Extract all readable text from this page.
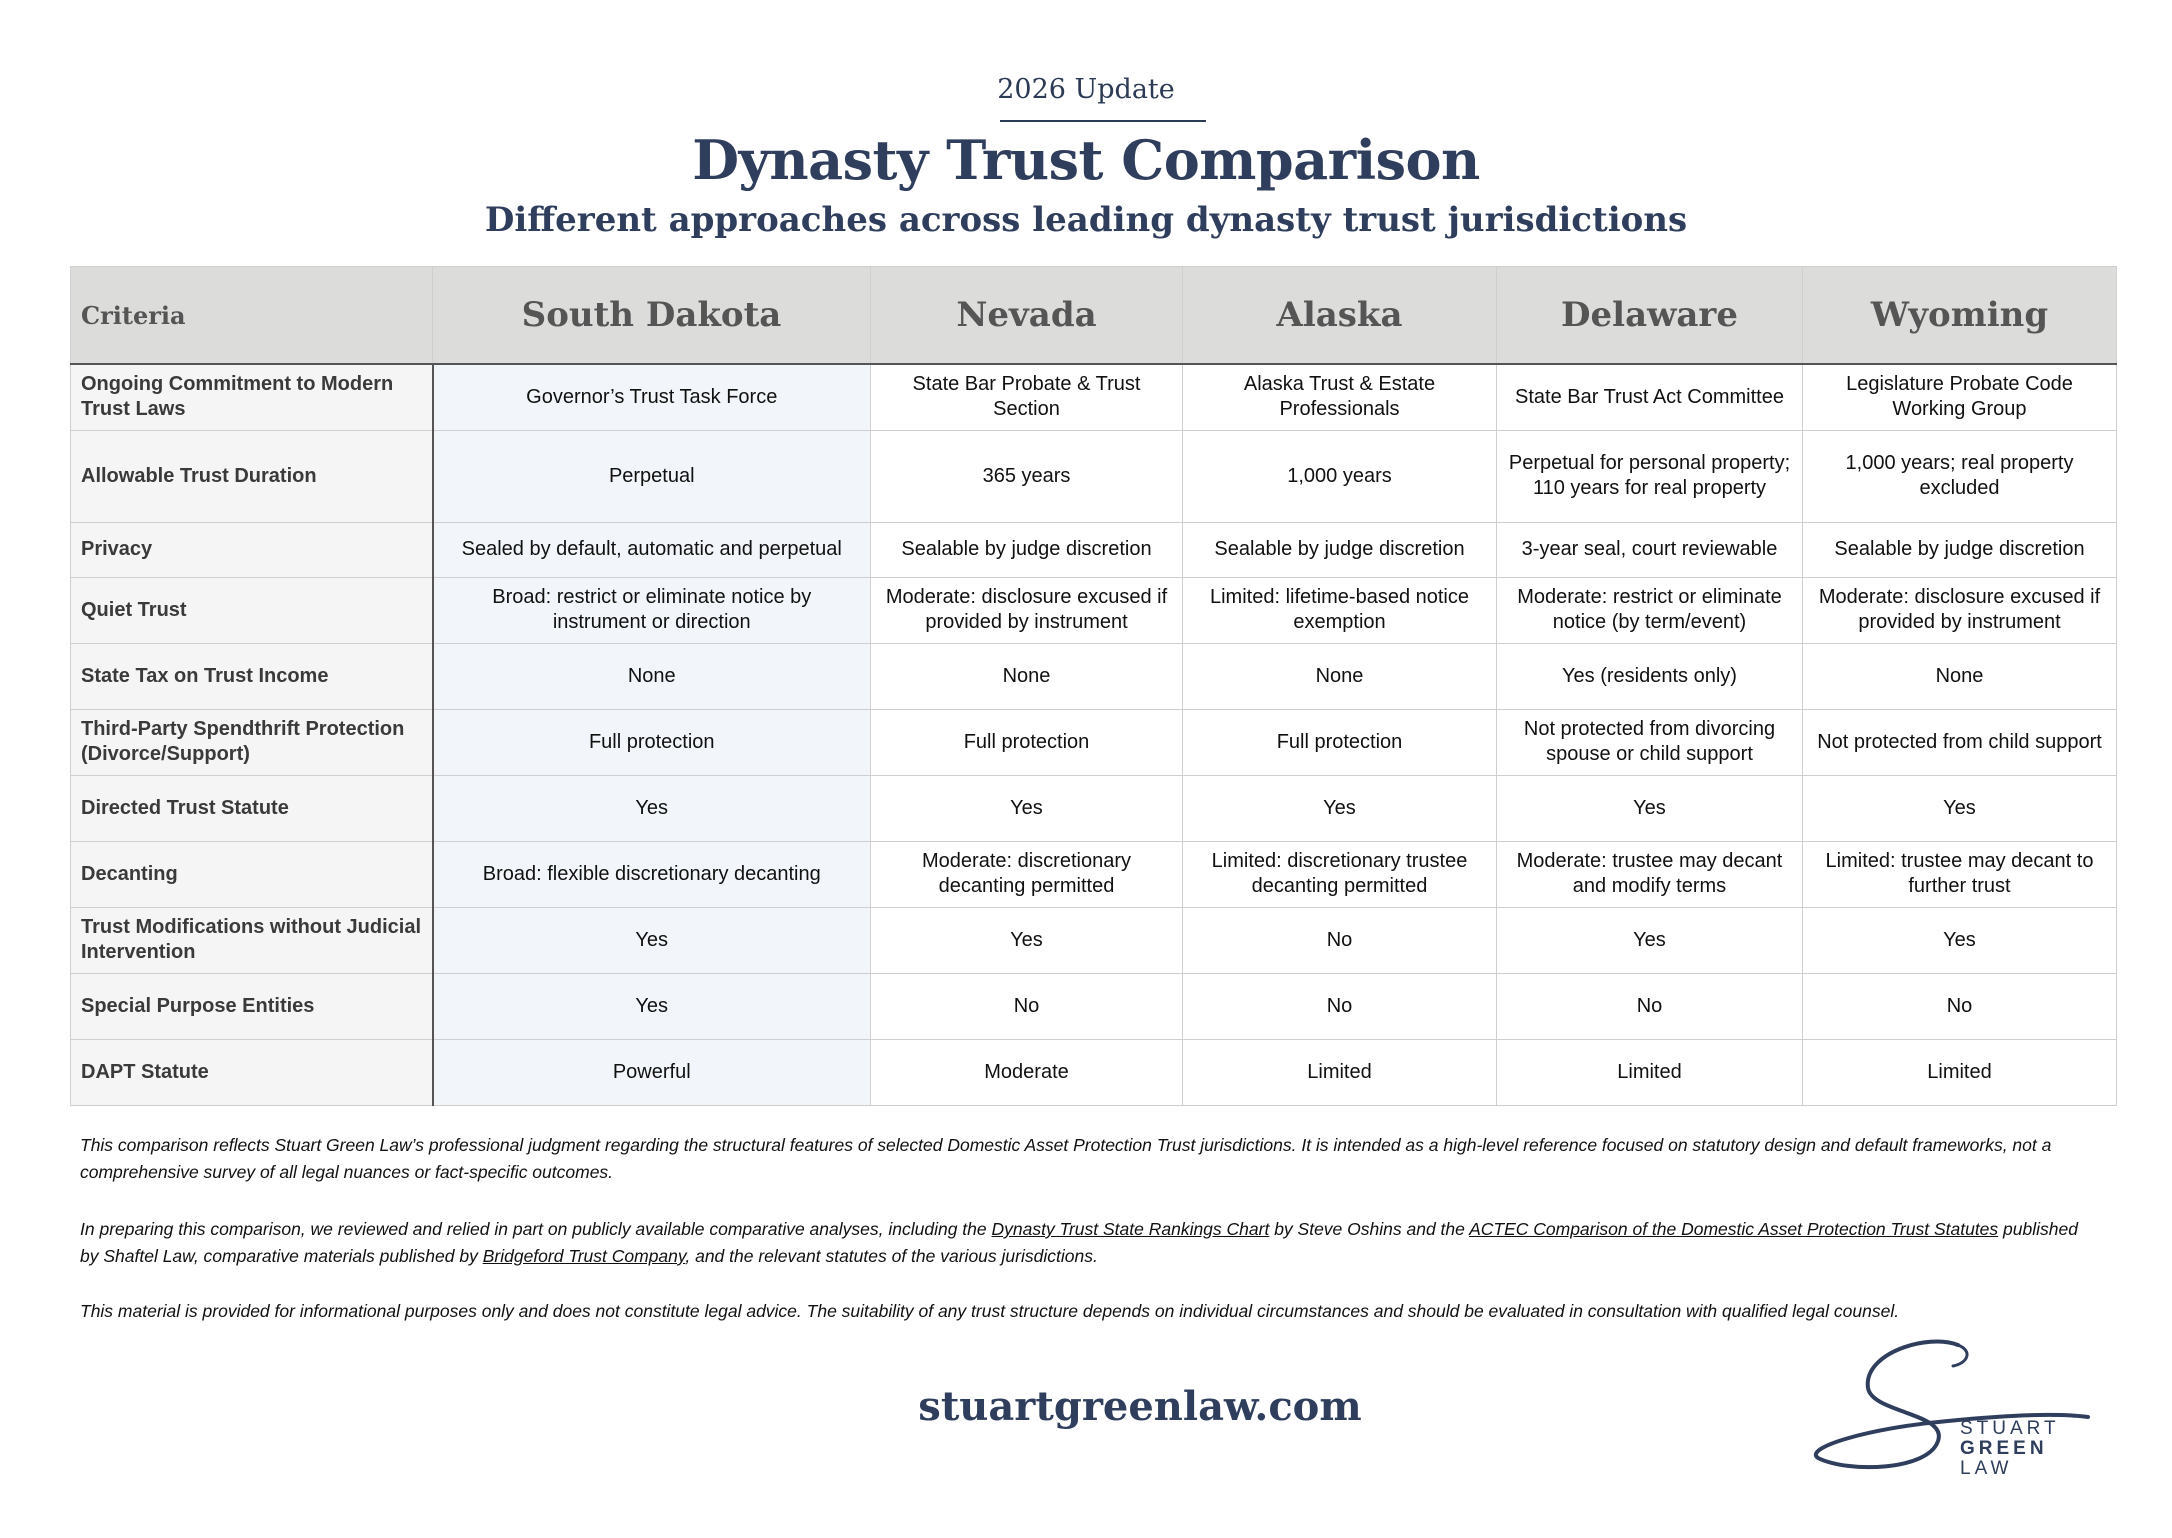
2026 Update
Dynasty Trust Comparison
Different approaches across leading dynasty trust jurisdictions
Criteria	South Dakota	Nevada	Alaska	Delaware	Wyoming
Ongoing Commitment to Modern Trust Laws	Governor’s Trust Task Force	State Bar Probate & Trust Section	Alaska Trust & Estate Professionals	State Bar Trust Act Committee	Legislature Probate Code Working Group
Allowable Trust Duration	Perpetual	365 years	1,000 years	Perpetual for personal property; 110 years for real property	1,000 years; real property excluded
Privacy	Sealed by default, automatic and perpetual	Sealable by judge discretion	Sealable by judge discretion	3-year seal, court reviewable	Sealable by judge discretion
Quiet Trust	Broad: restrict or eliminate notice by instrument or direction	Moderate: disclosure excused if provided by instrument	Limited: lifetime-based notice exemption	Moderate: restrict or eliminate notice (by term/event)	Moderate: disclosure excused if provided by instrument
State Tax on Trust Income	None	None	None	Yes (residents only)	None
Third-Party Spendthrift Protection (Divorce/Support)	Full protection	Full protection	Full protection	Not protected from divorcing spouse or child support	Not protected from child support
Directed Trust Statute	Yes	Yes	Yes	Yes	Yes
Decanting	Broad: flexible discretionary decanting	Moderate: discretionary decanting permitted	Limited: discretionary trustee decanting permitted	Moderate: trustee may decant and modify terms	Limited: trustee may decant to further trust
Trust Modifications without Judicial Intervention	Yes	Yes	No	Yes	Yes
Special Purpose Entities	Yes	No	No	No	No
DAPT Statute	Powerful	Moderate	Limited	Limited	Limited
This comparison reflects Stuart Green Law’s professional judgment regarding the structural features of selected Domestic Asset Protection Trust jurisdictions. It is intended as a high-level reference focused on statutory design and default frameworks, not a comprehensive survey of all legal nuances or fact-specific outcomes.
In preparing this comparison, we reviewed and relied in part on publicly available comparative analyses, including the Dynasty Trust State Rankings Chart by Steve Oshins and the ACTEC Comparison of the Domestic Asset Protection Trust Statutes published by Shaftel Law, comparative materials published by Bridgeford Trust Company, and the relevant statutes of the various jurisdictions.
This material is provided for informational purposes only and does not constitute legal advice. The suitability of any trust structure depends on individual circumstances and should be evaluated in consultation with qualified legal counsel.
stuartgreenlaw.com	STUART
GREEN
LAW
